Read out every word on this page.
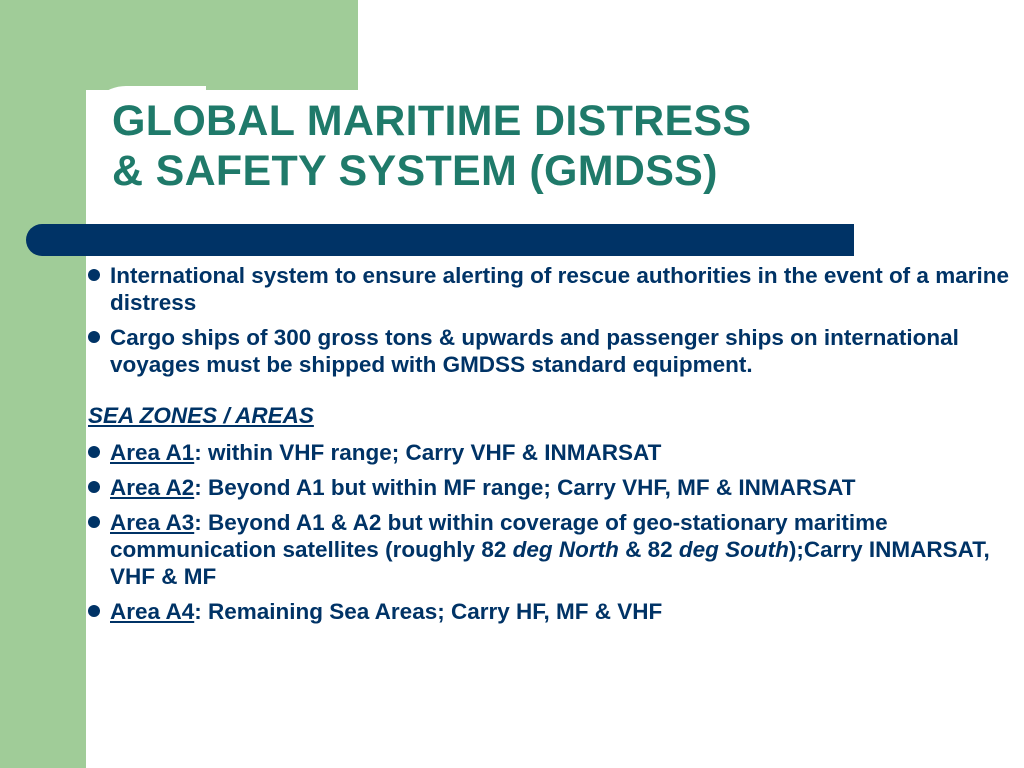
GLOBAL MARITIME DISTRESS
& SAFETY SYSTEM (GMDSS)
International system to ensure alerting of rescue authorities in the event of a marine distress
Cargo ships of 300 gross tons & upwards and passenger ships on international voyages must be shipped with GMDSS standard equipment.
SEA ZONES / AREAS
Area A1: within VHF range; Carry VHF & INMARSAT
Area A2: Beyond A1 but within MF range; Carry VHF, MF & INMARSAT
Area A3: Beyond A1 & A2 but within coverage of geo-stationary maritime communication satellites (roughly 82 deg North & 82 deg South);Carry INMARSAT, VHF & MF
Area A4: Remaining Sea Areas; Carry HF, MF & VHF
